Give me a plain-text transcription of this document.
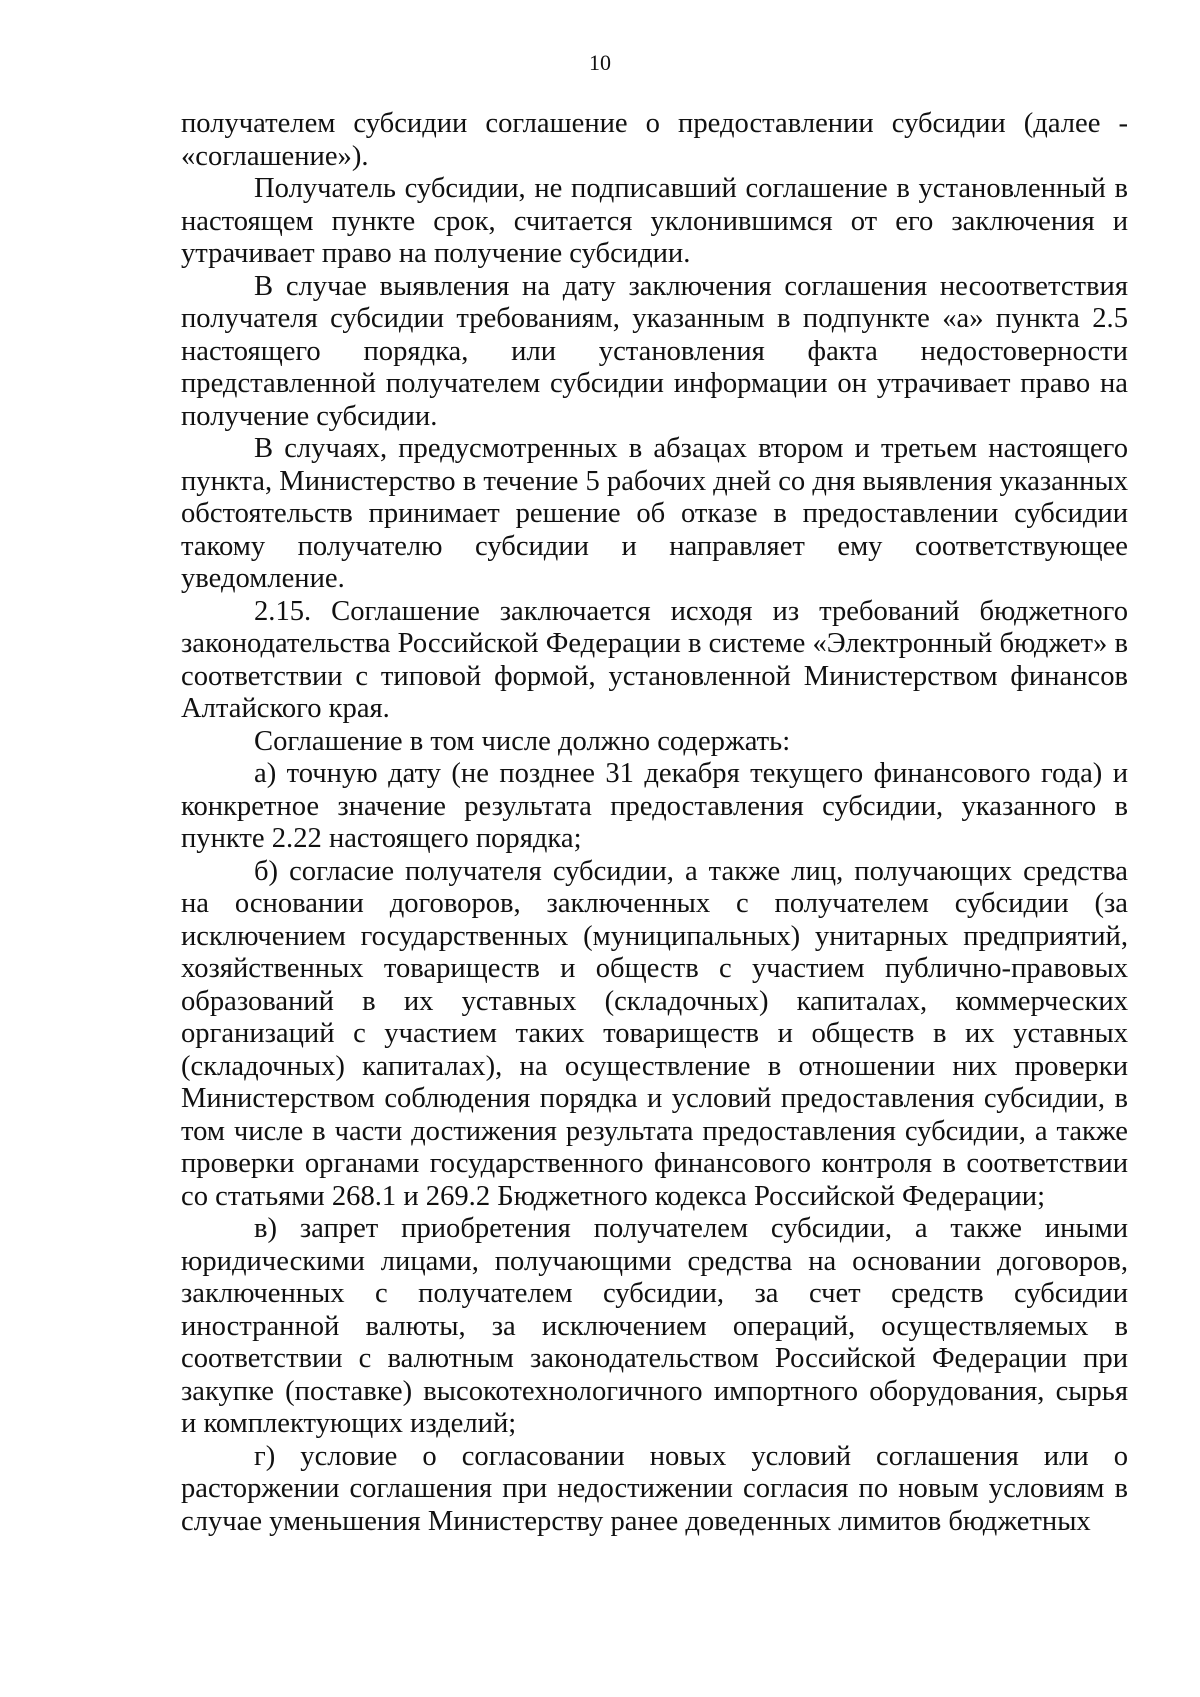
10

получателем субсидии соглашение о предоставлении субсидии (далее - «соглашение»).

Получатель субсидии, не подписавший соглашение в установленный в настоящем пункте срок, считается уклонившимся от его заключения и утрачивает право на получение субсидии.

В случае выявления на дату заключения соглашения несоответствия получателя субсидии требованиям, указанным в подпункте «а» пункта 2.5 настоящего порядка, или установления факта недостоверности представленной получателем субсидии информации он утрачивает право на получение субсидии.

В случаях, предусмотренных в абзацах втором и третьем настоящего пункта, Министерство в течение 5 рабочих дней со дня выявления указанных обстоятельств принимает решение об отказе в предоставлении субсидии такому получателю субсидии и направляет ему соответствующее уведомление.

2.15. Соглашение заключается исходя из требований бюджетного законодательства Российской Федерации в системе «Электронный бюджет» в соответствии с типовой формой, установленной Министерством финансов Алтайского края.

Соглашение в том числе должно содержать:

а) точную дату (не позднее 31 декабря текущего финансового года) и конкретное значение результата предоставления субсидии, указанного в пункте 2.22 настоящего порядка;

б) согласие получателя субсидии, а также лиц, получающих средства на основании договоров, заключенных с получателем субсидии (за исключением государственных (муниципальных) унитарных предприятий, хозяйственных товариществ и обществ с участием публично-правовых образований в их уставных (складочных) капиталах, коммерческих организаций с участием таких товариществ и обществ в их уставных (складочных) капиталах), на осуществление в отношении них проверки Министерством соблюдения порядка и условий предоставления субсидии, в том числе в части достижения результата предоставления субсидии, а также проверки органами государственного финансового контроля в соответствии со статьями 268.1 и 269.2 Бюджетного кодекса Российской Федерации;

в) запрет приобретения получателем субсидии, а также иными юридическими лицами, получающими средства на основании договоров, заключенных с получателем субсидии, за счет средств субсидии иностранной валюты, за исключением операций, осуществляемых в соответствии с валютным законодательством Российской Федерации при закупке (поставке) высокотехнологичного импортного оборудования, сырья и комплектующих изделий;

г) условие о согласовании новых условий соглашения или о расторжении соглашения при недостижении согласия по новым условиям в случае уменьшения Министерству ранее доведенных лимитов бюджетных
